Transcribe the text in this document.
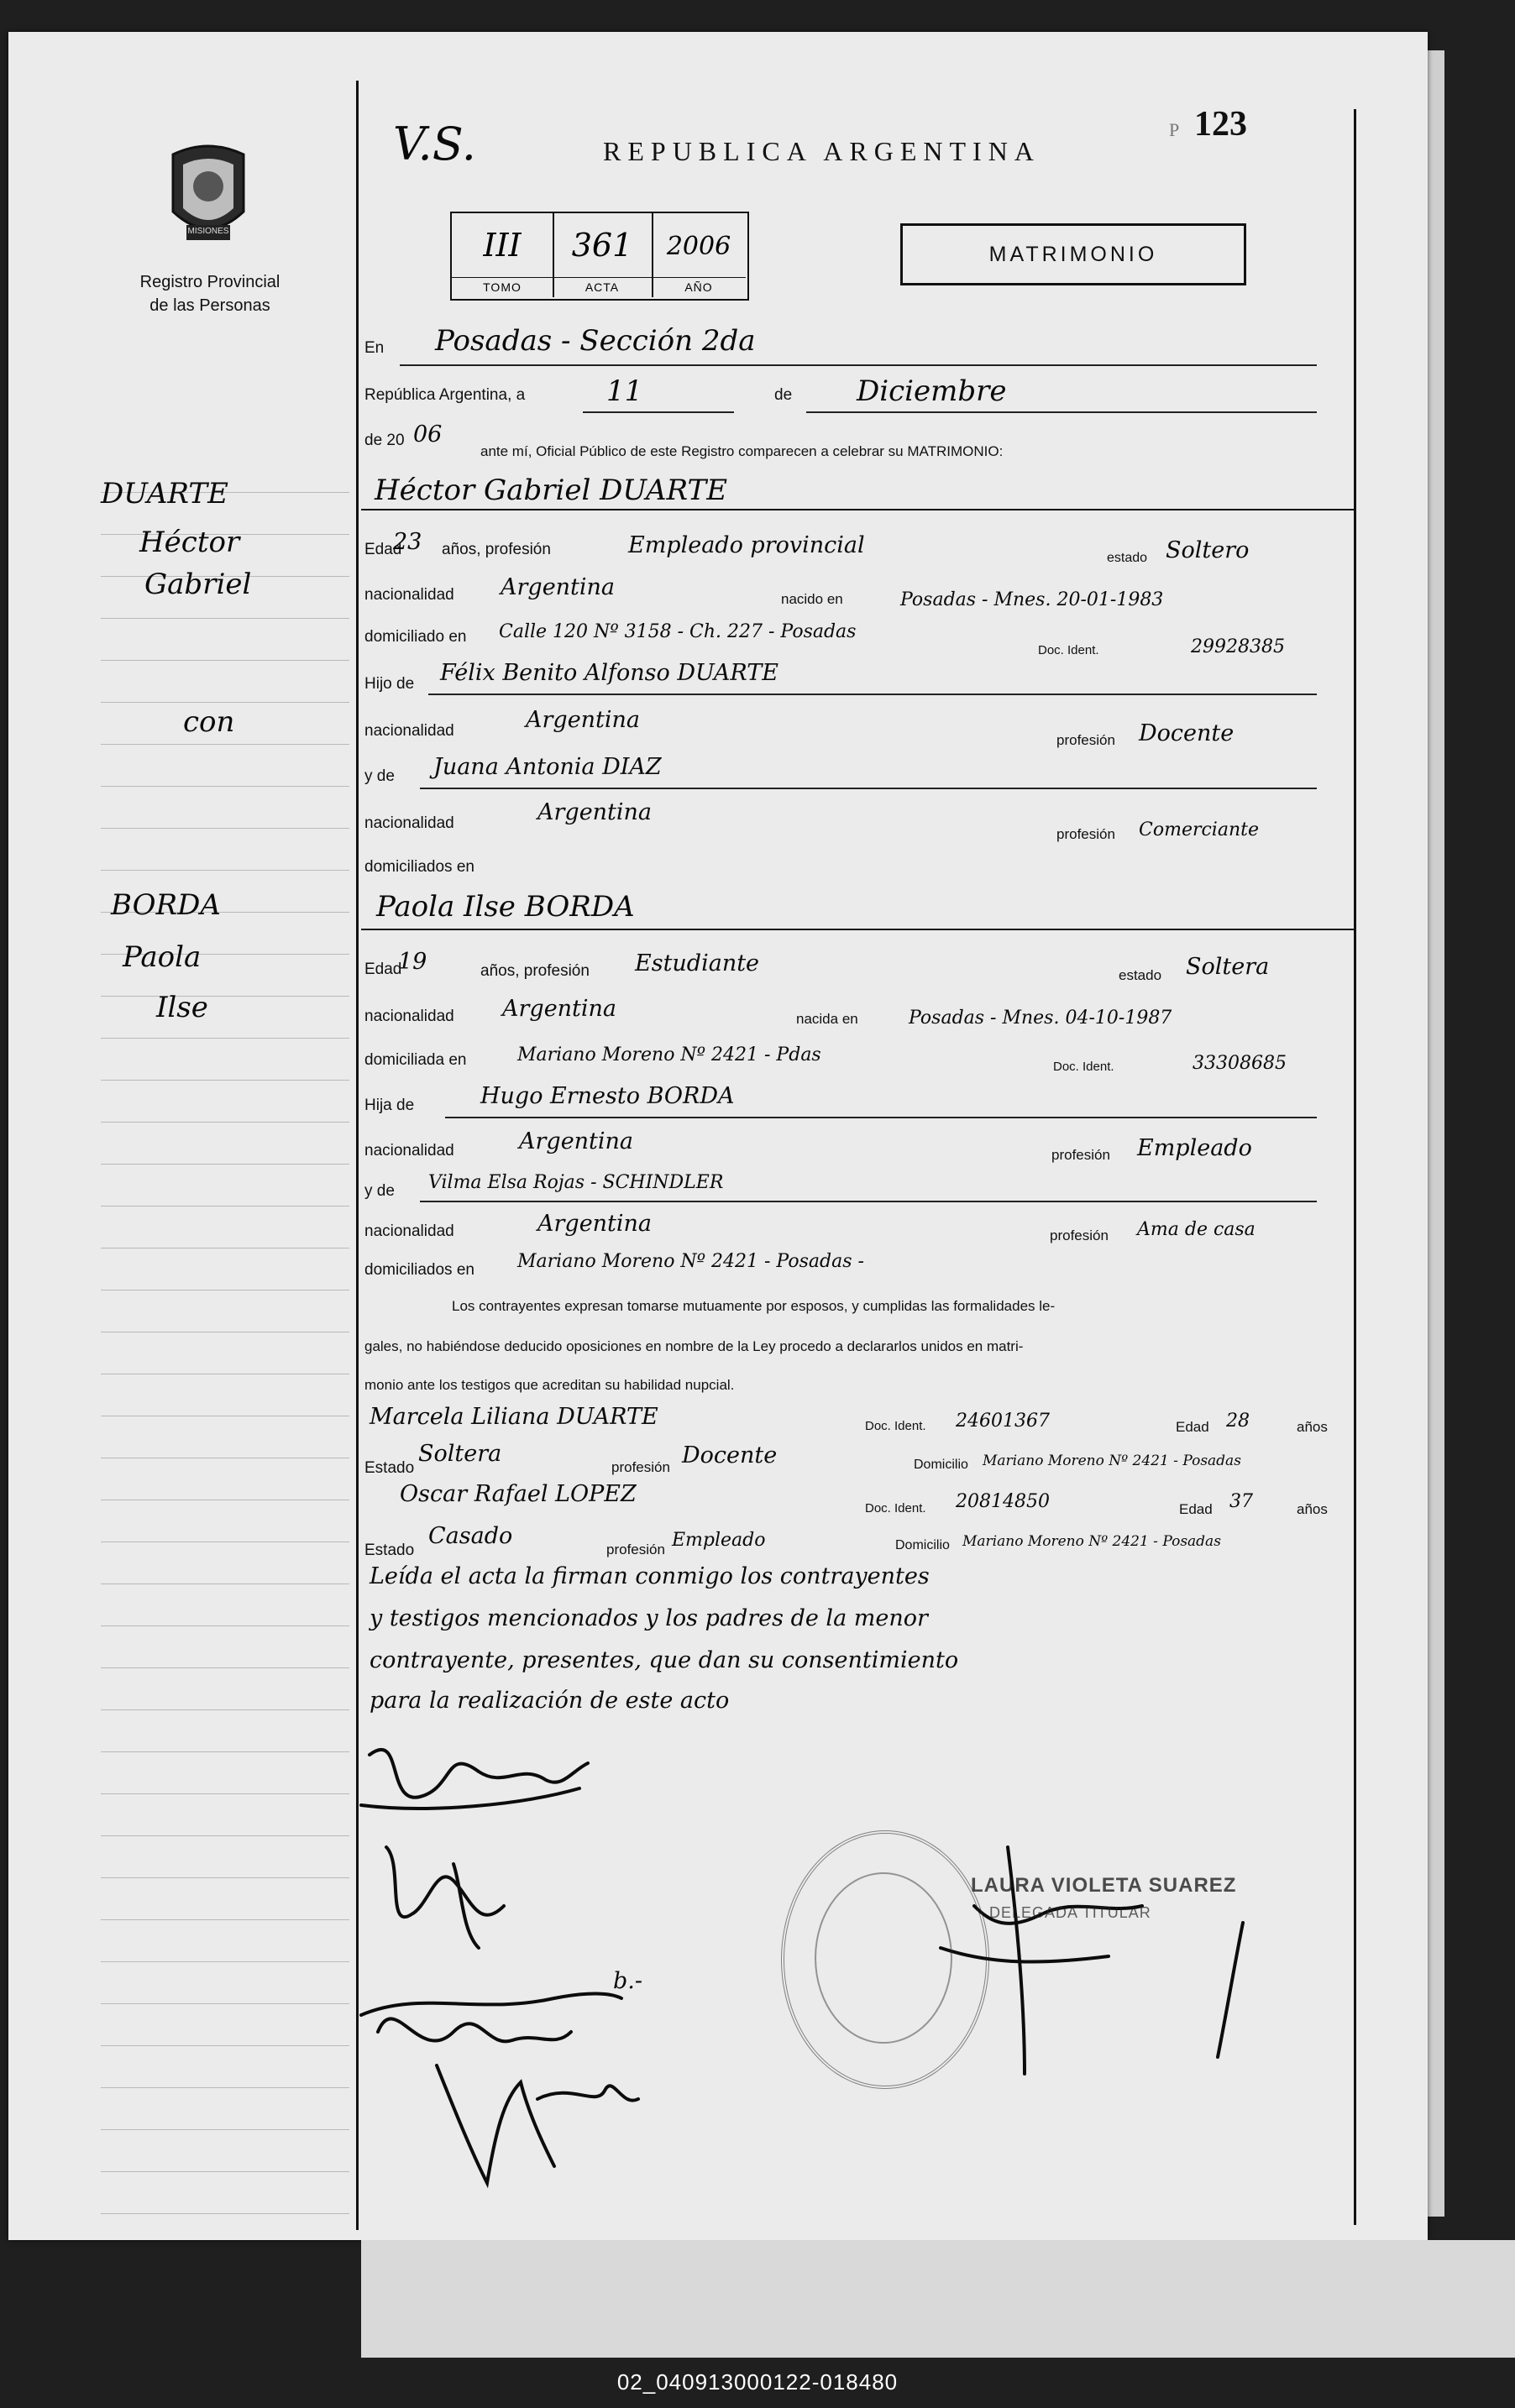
V.S.	REPUBLICA ARGENTINA
P 123
MISIONES
Registro Provincial
de las Personas
III
TOMO
361
ACTA
2006
AÑO
MATRIMONIO
En Posadas - Sección 2da
República Argentina, a	11	de Diciembre
de 20 06
ante mí, Oficial Público de este Registro comparecen a celebrar su MATRIMONIO:
DUARTE
Héctor
Gabriel
con
BORDA
Paola
Ilse
Héctor Gabriel DUARTE
Edad
23 años, profesión	Empleado provincial	estado Soltero
nacionalidad Argentina	nacido en	Posadas - Mnes. 20-01-1983
domiciliado en Calle 120 Nº 3158 - Ch. 227 - Posadas
Doc. Ident.	29928385
Hijo de Félix Benito Alfonso DUARTE
nacionalidad	Argentina
profesión Docente
y de Juana Antonia DIAZ
nacionalidad	Argentina
profesión Comerciante
domiciliados en
Paola Ilse BORDA
Edad
19	años, profesión Estudiante	estado Soltera
nacionalidad Argentina	nacida en	Posadas - Mnes. 04-10-1987
domiciliada en	Mariano Moreno Nº 2421 - Pdas
Doc. Ident.	33308685
Hija de	Hugo Ernesto BORDA
nacionalidad	Argentina
profesión Empleado
y de Vilma Elsa Rojas - SCHINDLER
nacionalidad	Argentina	profesión Ama de casa
domiciliados en Mariano Moreno Nº 2421 - Posadas -
Los contrayentes expresan tomarse mutuamente por esposos, y cumplidas las formalidades le-
gales, no habiéndose deducido oposiciones en nombre de la Ley procedo a declararlos unidos en matri-
monio ante los testigos que acreditan su habilidad nupcial.
Marcela Liliana DUARTE	Doc. Ident. 24601367	Edad 28	años
Estado
Soltera
profesión Docente	Domicilio Mariano Moreno Nº 2421 - Posadas
Oscar Rafael LOPEZ
Doc. Ident. 20814850	Edad 37	años
Estado
Casado
profesión Empleado	Domicilio Mariano Moreno Nº 2421 - Posadas
Leída el acta la firman conmigo los contrayentes
y testigos mencionados y los padres de la menor
contrayente, presentes, que dan su consentimiento
para la realización de este acto
b.-
LAURA VIOLETA SUAREZ
DELEGADA TITULAR
02_040913000122-018480
